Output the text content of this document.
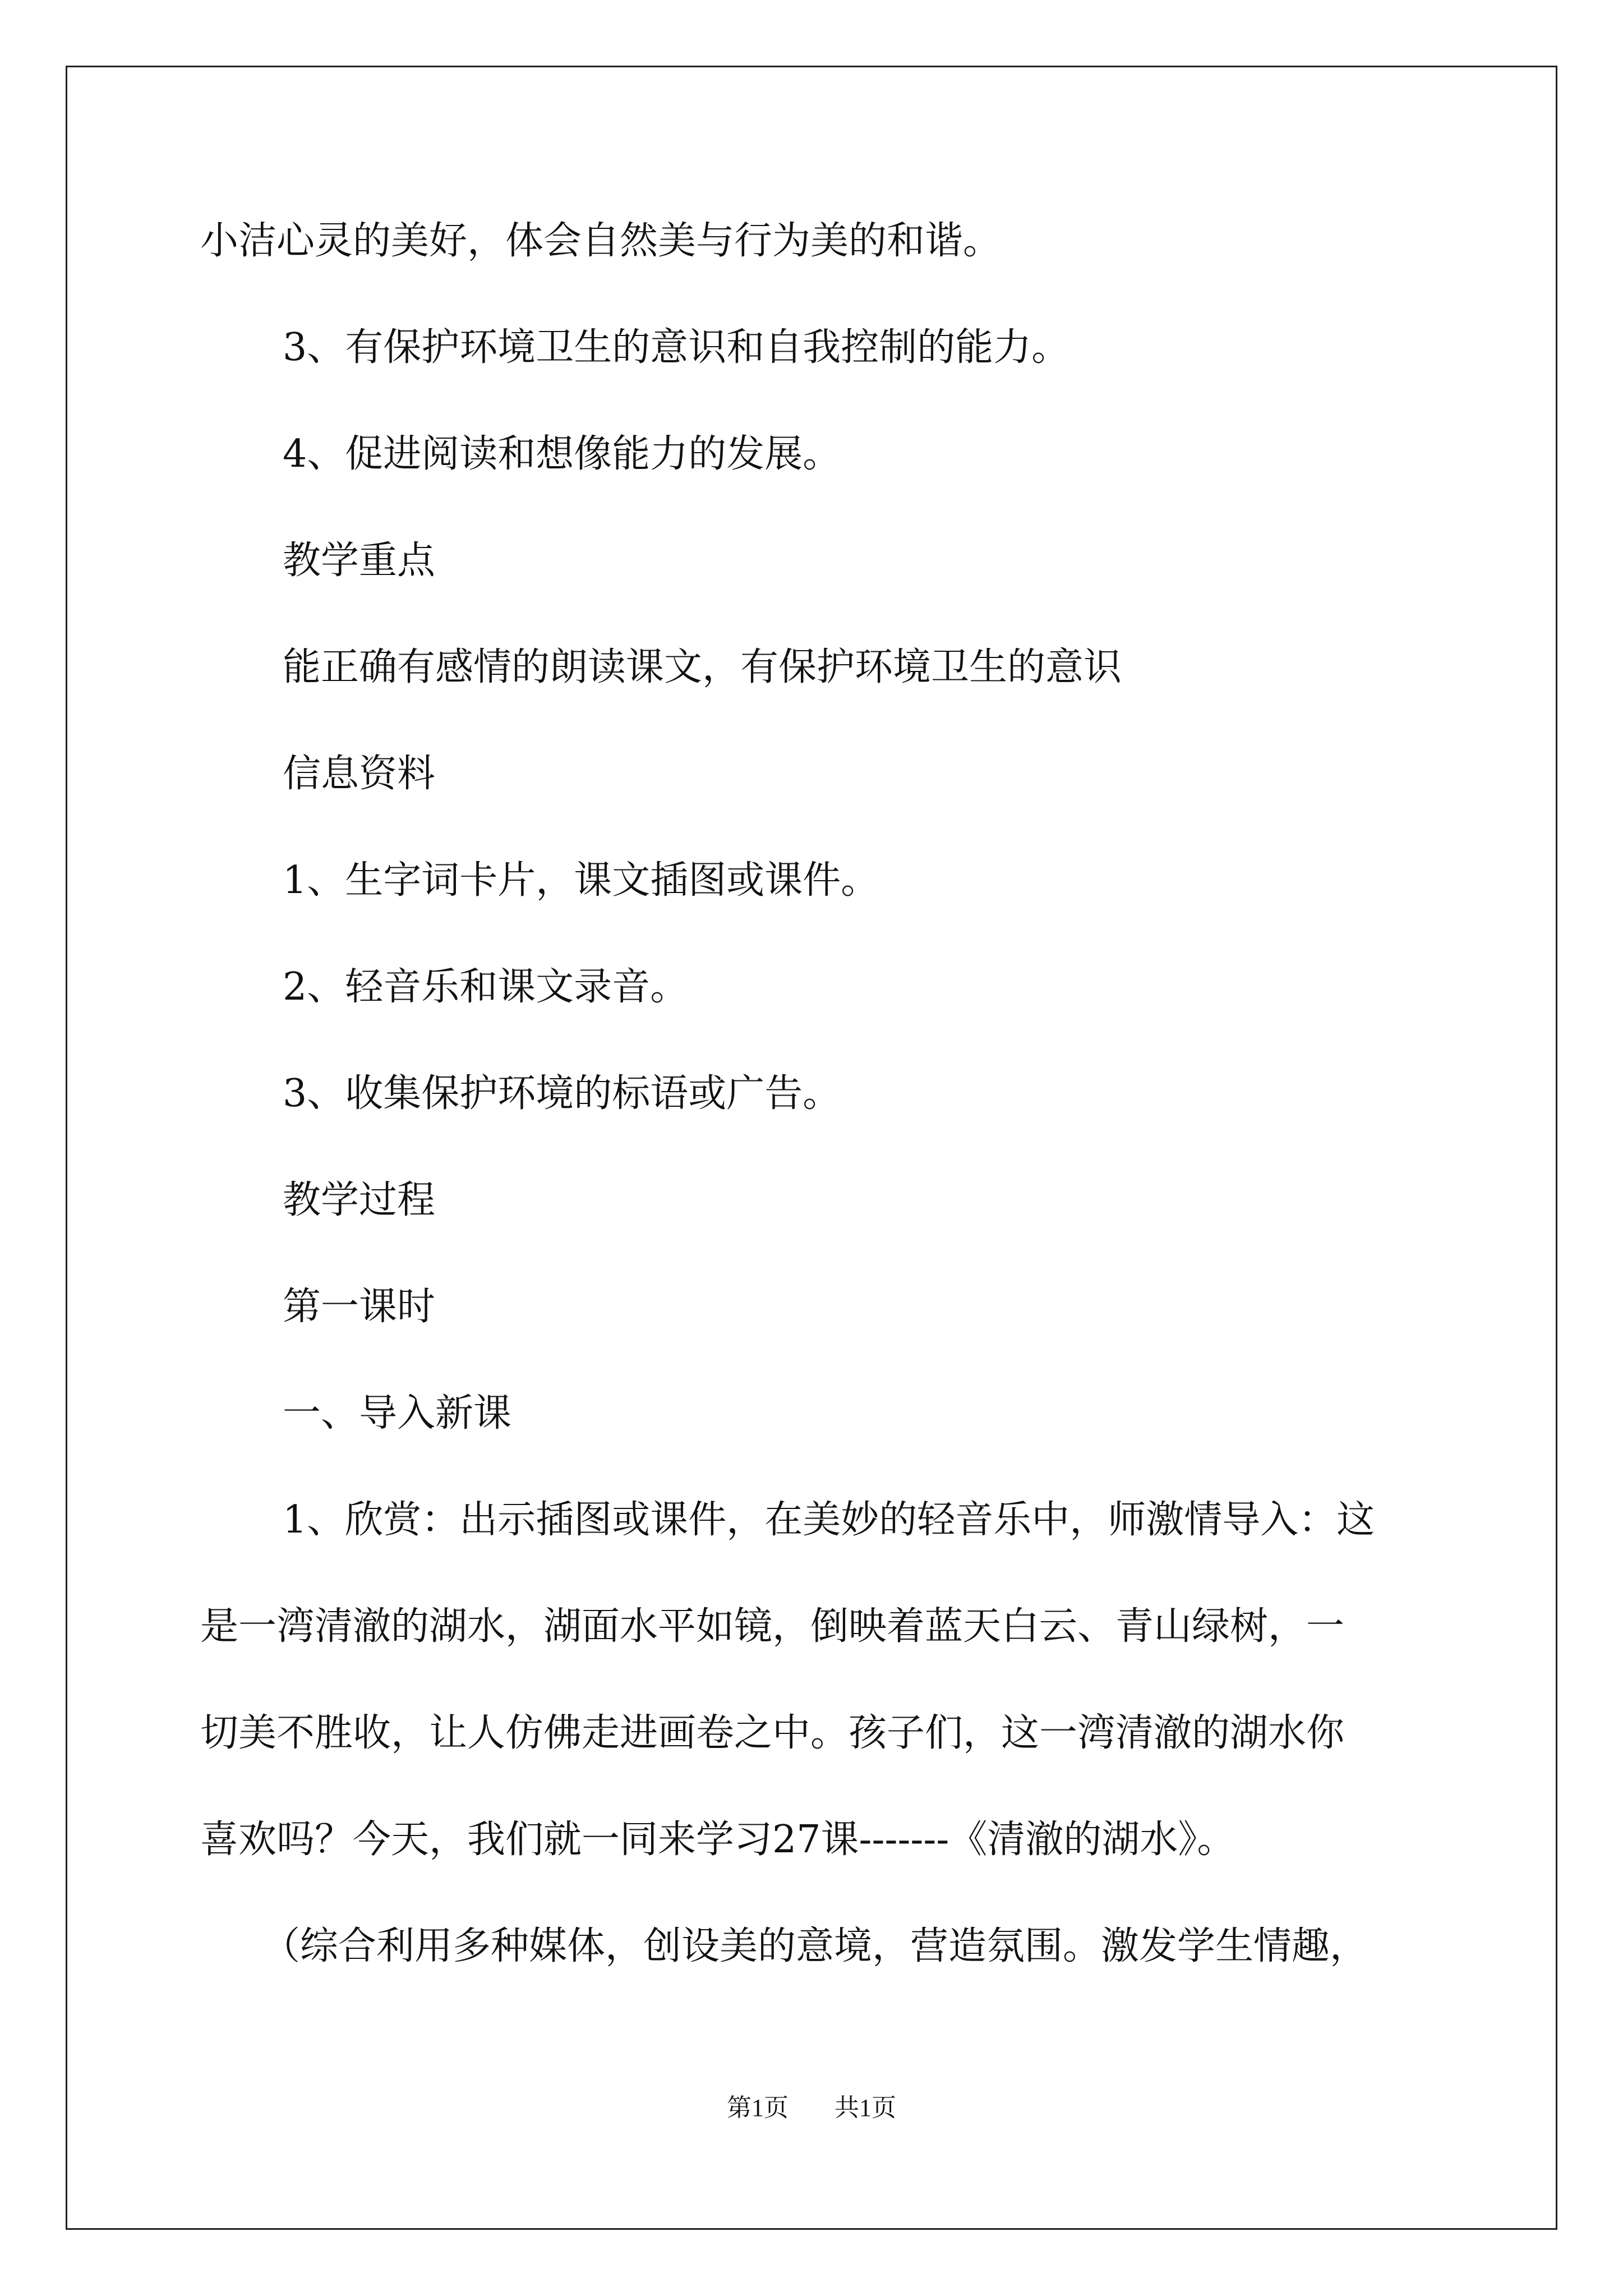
小洁心灵的美好，体会自然美与行为美的和谐。

3、有保护环境卫生的意识和自我控制的能力。

4、促进阅读和想像能力的发展。

教学重点

能正确有感情的朗读课文，有保护环境卫生的意识

信息资料

1、生字词卡片，课文插图或课件。

2、轻音乐和课文录音。

3、收集保护环境的标语或广告。

教学过程

第一课时

一、导入新课

1、欣赏：出示插图或课件，在美妙的轻音乐中，师激情导入：这

是一湾清澈的湖水，湖面水平如镜，倒映着蓝天白云、青山绿树，一

切美不胜收，让人仿佛走进画卷之中。孩子们，这一湾清澈的湖水你

喜欢吗？今天，我们就一同来学习27课-------《清澈的湖水》。

（综合利用多种媒体，创设美的意境，营造氛围。激发学生情趣，

第1页 共1页
